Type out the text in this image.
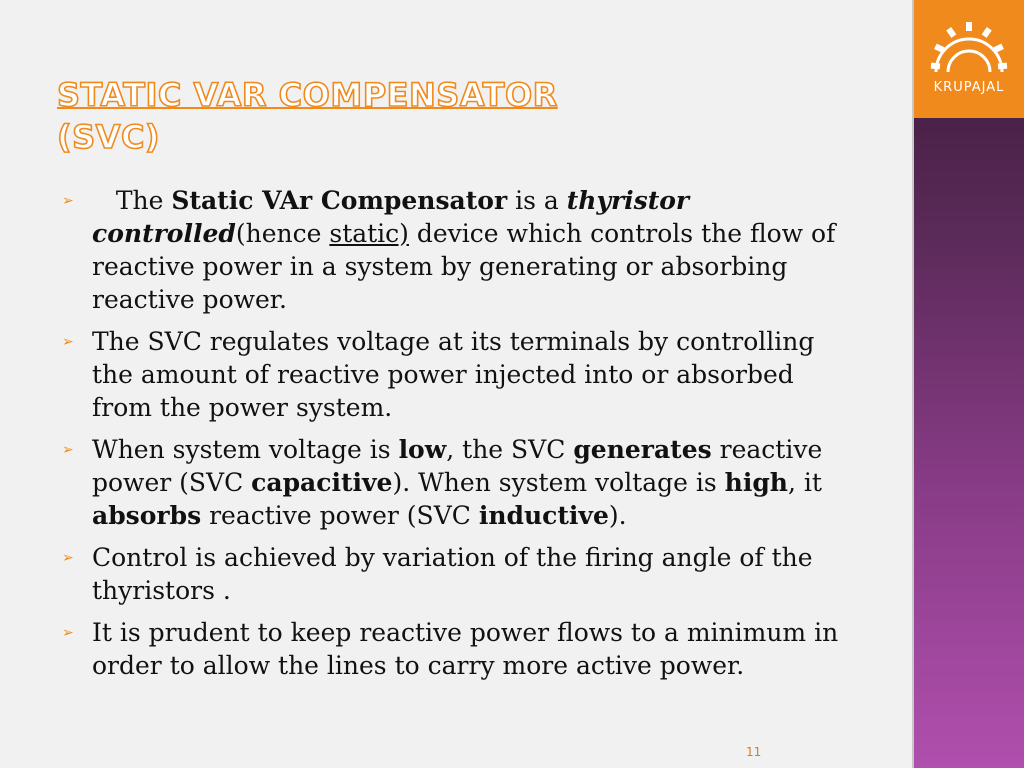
STATIC VAR COMPENSATOR
(SVC)
➢ The Static VAr Compensator is a thyristor controlled(hence static) device which controls the flow of reactive power in a system by generating or absorbing reactive power.
➢ The SVC regulates voltage at its terminals by controlling the amount of reactive power injected into or absorbed from the power system.
➢ When system voltage is low, the SVC generates reactive power (SVC capacitive). When system voltage is high, it absorbs reactive power (SVC inductive).
➢ Control is achieved by variation of the firing angle of the thyristors .
➢ It is prudent to keep reactive power flows to a minimum in order to allow the lines to carry more active power.
11
KRUPAJAL
